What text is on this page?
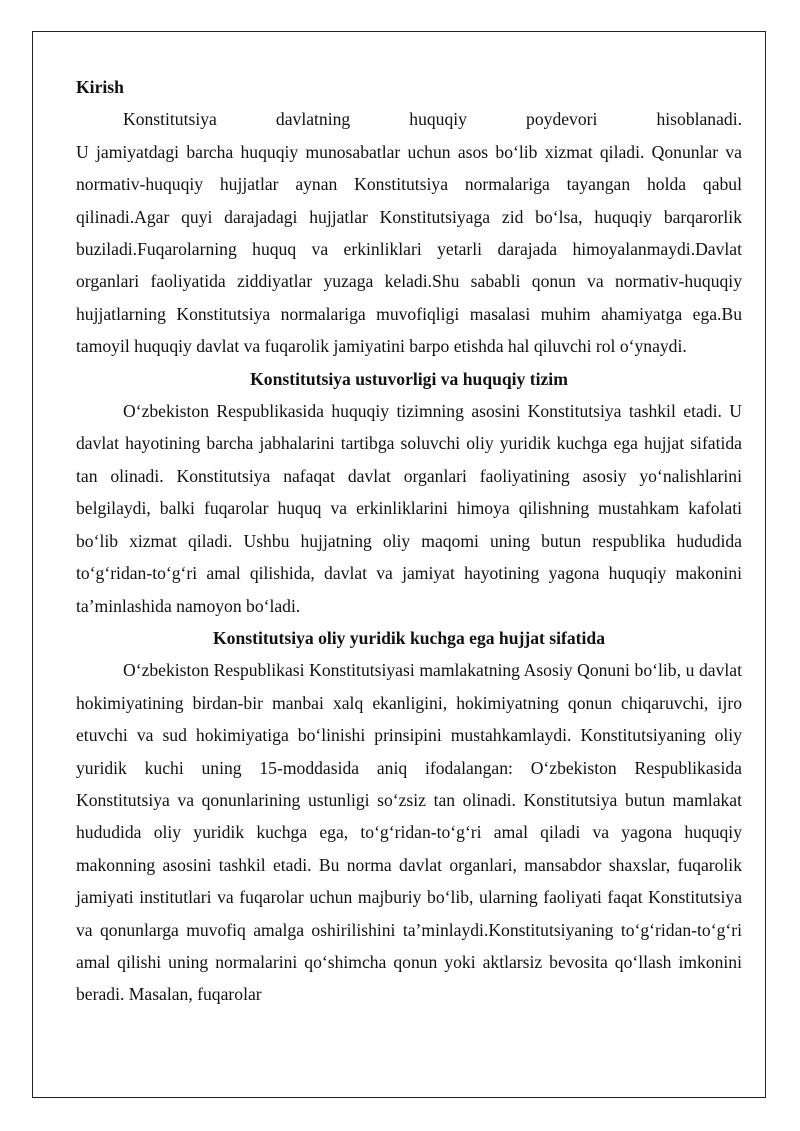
Kirish

Konstitutsiya davlatning huquqiy poydevori hisoblanadi.

U jamiyatdagi barcha huquqiy munosabatlar uchun asos bo‘lib xizmat qiladi. Qonunlar va normativ-huquqiy hujjatlar aynan Konstitutsiya normalariga tayangan holda qabul qilinadi.Agar quyi darajadagi hujjatlar Konstitutsiyaga zid bo‘lsa, huquqiy barqarorlik buziladi.Fuqarolarning huquq va erkinliklari yetarli darajada himoyalanmaydi.Davlat organlari faoliyatida ziddiyatlar yuzaga keladi.Shu sababli qonun va normativ-huquqiy hujjatlarning Konstitutsiya normalariga muvofiqligi masalasi muhim ahamiyatga ega.Bu tamoyil huquqiy davlat va fuqarolik jamiyatini barpo etishda hal qiluvchi rol o‘ynaydi.

Konstitutsiya ustuvorligi va huquqiy tizim

O‘zbekiston Respublikasida huquqiy tizimning asosini Konstitutsiya tashkil etadi. U davlat hayotining barcha jabhalarini tartibga soluvchi oliy yuridik kuchga ega hujjat sifatida tan olinadi. Konstitutsiya nafaqat davlat organlari faoliyatining asosiy yo‘nalishlarini belgilaydi, balki fuqarolar huquq va erkinliklarini himoya qilishning mustahkam kafolati bo‘lib xizmat qiladi. Ushbu hujjatning oliy maqomi uning butun respublika hududida to‘g‘ridan-to‘g‘ri amal qilishida, davlat va jamiyat hayotining yagona huquqiy makonini ta’minlashida namoyon bo‘ladi.

Konstitutsiya oliy yuridik kuchga ega hujjat sifatida

O‘zbekiston Respublikasi Konstitutsiyasi mamlakatning Asosiy Qonuni bo‘lib, u davlat hokimiyatining birdan-bir manbai xalq ekanligini, hokimiyatning qonun chiqaruvchi, ijro etuvchi va sud hokimiyatiga bo‘linishi prinsipini mustahkamlaydi. Konstitutsiyaning oliy yuridik kuchi uning 15-moddasida aniq ifodalangan: O‘zbekiston Respublikasida Konstitutsiya va qonunlarining ustunligi so‘zsiz tan olinadi. Konstitutsiya butun mamlakat hududida oliy yuridik kuchga ega, to‘g‘ridan-to‘g‘ri amal qiladi va yagona huquqiy makonning asosini tashkil etadi. Bu norma davlat organlari, mansabdor shaxslar, fuqarolik jamiyati institutlari va fuqarolar uchun majburiy bo‘lib, ularning faoliyati faqat Konstitutsiya va qonunlarga muvofiq amalga oshirilishini ta’minlaydi.Konstitutsiyaning to‘g‘ridan-to‘g‘ri amal qilishi uning normalarini qo‘shimcha qonun yoki aktlarsiz bevosita qo‘llash imkonini beradi. Masalan, fuqarolar
